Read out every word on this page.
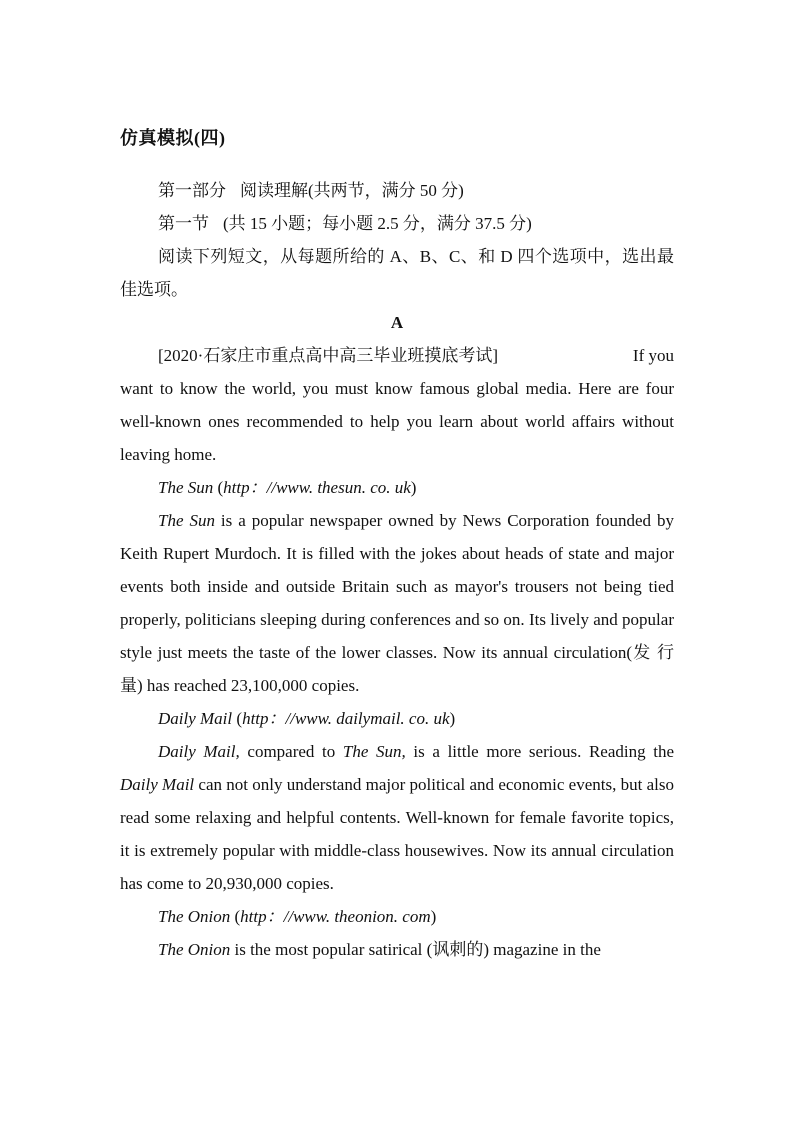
仿真模拟(四)

第一部分 阅读理解(共两节，满分 50 分)

第一节 (共 15 小题；每小题 2.5 分，满分 37.5 分)

阅读下列短文，从每题所给的 A、B、C、和 D 四个选项中，选出最佳选项。

A

[2020·石家庄市重点高中高三毕业班摸底考试]	If you

want to know the world, you must know famous global media. Here are four well-known ones recommended to help you learn about world affairs without leaving home.

The Sun (http：//www. thesun. co. uk)

The Sun is a popular newspaper owned by News Corporation founded by Keith Rupert Murdoch. It is filled with the jokes about heads of state and major events both inside and outside Britain such as mayor's trousers not being tied properly, politicians sleeping during conferences and so on. Its lively and popular style just meets the taste of the lower classes. Now its annual circulation(发 行 量) has reached 23,100,000 copies.

Daily Mail (http：//www. dailymail. co. uk)

Daily Mail, compared to The Sun, is a little more serious. Reading the Daily Mail can not only understand major political and economic events, but also read some relaxing and helpful contents. Well-known for female favorite topics, it is extremely popular with middle-class housewives. Now its annual circulation has come to 20,930,000 copies.

The Onion (http：//www. theonion. com)

The Onion is the most popular satirical (讽刺的) magazine in the
